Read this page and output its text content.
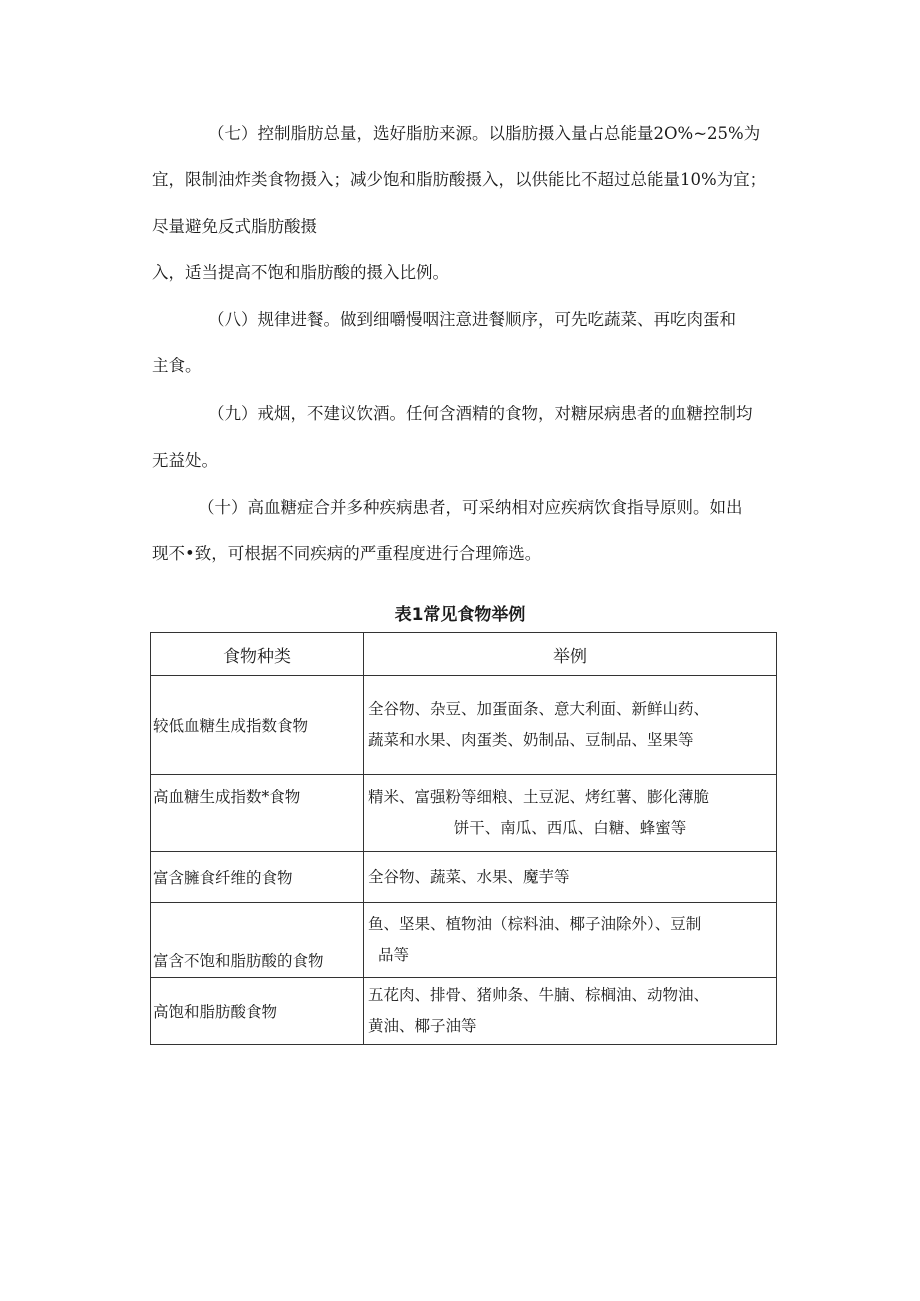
（七）控制脂肪总量，选好脂肪来源。以脂肪摄入量占总能量2O%~25%为
宜，限制油炸类食物摄入；减少饱和脂肪酸摄入，以供能比不超过总能量10%为宜；
尽量避免反式脂肪酸摄
入，适当提高不饱和脂肪酸的摄入比例。
（八）规律进餐。做到细嚼慢咽注意进餐顺序，可先吃蔬菜、再吃肉蛋和
主食。
（九）戒烟，不建议饮酒。任何含酒精的食物，对糖尿病患者的血糖控制均
无益处。
（十）高血糖症合并多种疾病患者，可采纳相对应疾病饮食指导原则。如出
现不•致，可根据不同疾病的严重程度进行合理筛选。
表1常见食物举例
食物种类	举例
较低血糖生成指数食物	全谷物、杂豆、加蛋面条、意大利面、新鲜山药、
蔬菜和水果、肉蛋类、奶制品、豆制品、坚果等

高血糖生成指数*食物	精米、富强粉等细粮、土豆泥、烤红薯、膨化薄脆
饼干、南瓜、西瓜、白糖、蜂蜜等

富含臃食纤维的食物	全谷物、蔬菜、水果、魔芋等

富含不饱和脂肪酸的食物	鱼、坚果、植物油（棕料油、椰子油除外）、豆制
品等

高饱和脂肪酸食物	五花肉、排骨、猪帅条、牛腩、棕榈油、动物油、
黄油、椰子油等
